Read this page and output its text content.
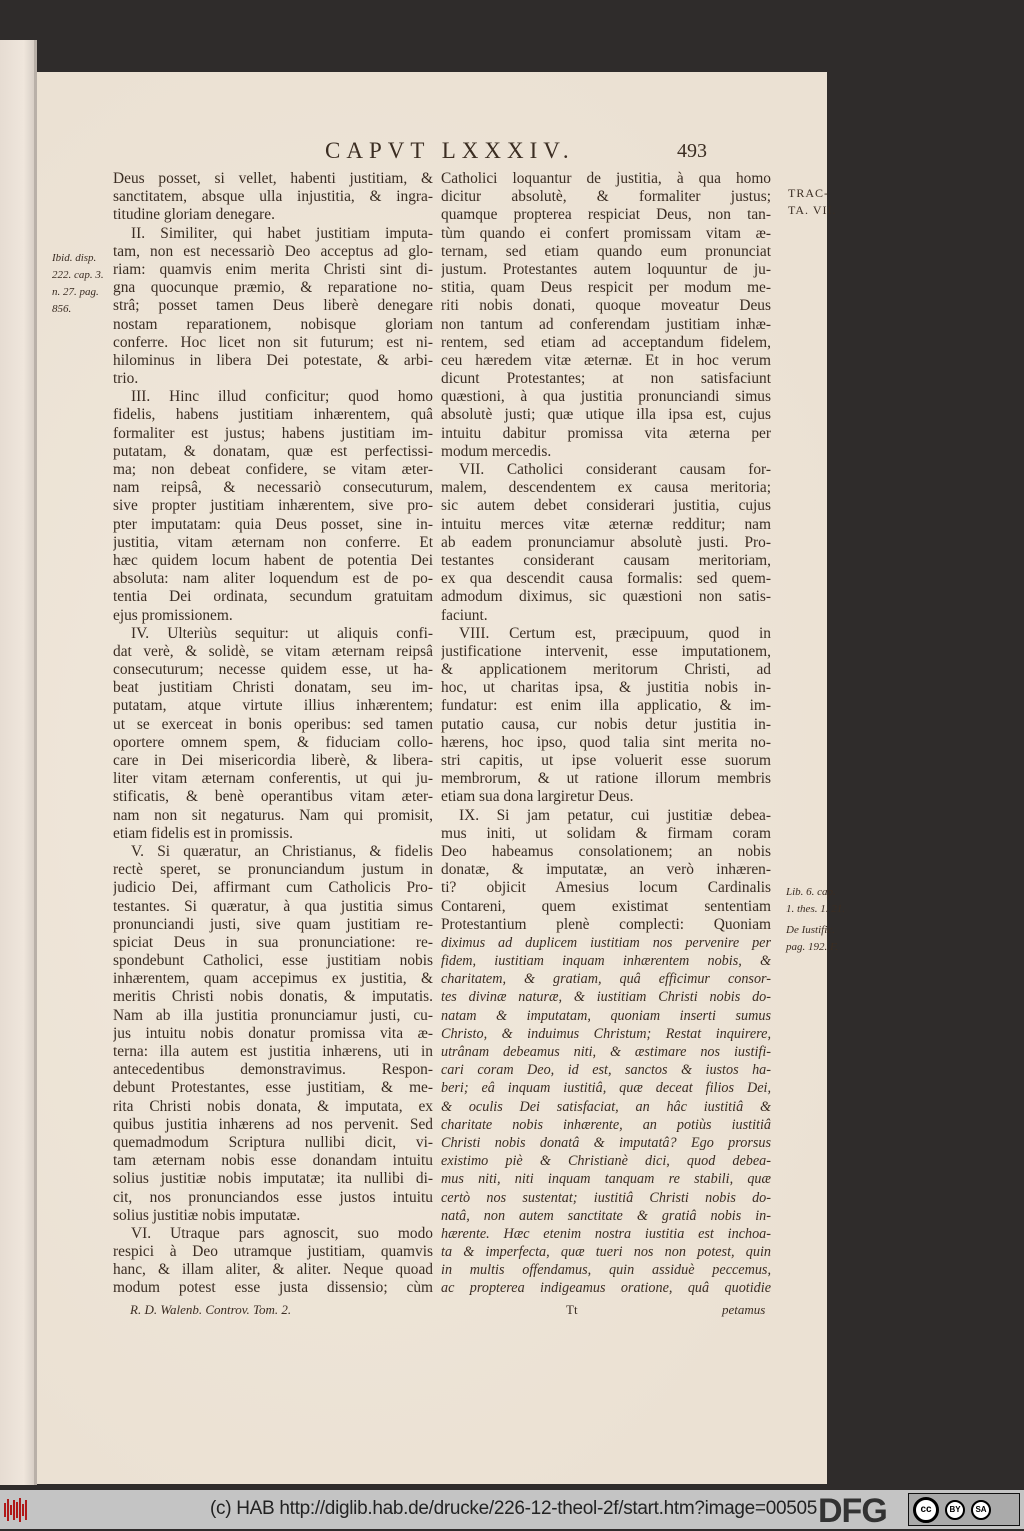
CAPVT LXXXIV.	493
Ibid. disp.
222. cap. 3.
n. 27. pag.
856.
TRAC-
TA. VII.
Lib. 6. cap.
1. thes. 1. 21.
De Iustific.
pag. 192. F.
Deus posset, si vellet, habenti justitiam, &
sanctitatem, absque ulla injustitia, & ingra-
titudine gloriam denegare.
II. Similiter, qui habet justitiam imputa-
tam, non est necessariò Deo acceptus ad glo-
riam: quamvis enim merita Christi sint di-
gna quocunque præmio, & reparatione no-
strâ; posset tamen Deus liberè denegare
nostam reparationem, nobisque gloriam
conferre. Hoc licet non sit futurum; est ni-
hilominus in libera Dei potestate, & arbi-
trio.
III. Hinc illud conficitur; quod homo
fidelis, habens justitiam inhærentem, quâ
formaliter est justus; habens justitiam im-
putatam, & donatam, quæ est perfectissi-
ma; non debeat confidere, se vitam æter-
nam reipsâ, & necessariò consecuturum,
sive propter justitiam inhærentem, sive pro-
pter imputatam: quia Deus posset, sine in-
justitia, vitam æternam non conferre. Et
hæc quidem locum habent de potentia Dei
absoluta: nam aliter loquendum est de po-
tentia Dei ordinata, secundum gratuitam
ejus promissionem.
IV. Ulteriùs sequitur: ut aliquis confi-
dat verè, & solidè, se vitam æternam reipsâ
consecuturum; necesse quidem esse, ut ha-
beat justitiam Christi donatam, seu im-
putatam, atque virtute illius inhærentem;
ut se exerceat in bonis operibus: sed tamen
oportere omnem spem, & fiduciam collo-
care in Dei misericordia liberè, & libera-
liter vitam æternam conferentis, ut qui ju-
stificatis, & benè operantibus vitam æter-
nam non sit negaturus. Nam qui promisit,
etiam fidelis est in promissis.
V. Si quæratur, an Christianus, & fidelis
rectè speret, se pronunciandum justum in
judicio Dei, affirmant cum Catholicis Pro-
testantes. Si quæratur, à qua justitia simus
pronunciandi justi, sive quam justitiam re-
spiciat Deus in sua pronunciatione: re-
spondebunt Catholici, esse justitiam nobis
inhærentem, quam accepimus ex justitia, &
meritis Christi nobis donatis, & imputatis.
Nam ab illa justitia pronunciamur justi, cu-
jus intuitu nobis donatur promissa vita æ-
terna: illa autem est justitia inhærens, uti in
antecedentibus demonstravimus. Respon-
debunt Protestantes, esse justitiam, & me-
rita Christi nobis donata, & imputata, ex
quibus justitia inhærens ad nos pervenit. Sed
quemadmodum Scriptura nullibi dicit, vi-
tam æternam nobis esse donandam intuitu
solius justitiæ nobis imputatæ; ita nullibi di-
cit, nos pronunciandos esse justos intuitu
solius justitiæ nobis imputatæ.
VI. Utraque pars agnoscit, suo modo
respici à Deo utramque justitiam, quamvis
hanc, & illam aliter, & aliter. Neque quoad
modum potest esse justa dissensio; cùm
Catholici loquantur de justitia, à qua homo
dicitur absolutè, & formaliter justus;
quamque propterea respiciat Deus, non tan-
tùm quando ei confert promissam vitam æ-
ternam, sed etiam quando eum pronunciat
justum. Protestantes autem loquuntur de ju-
stitia, quam Deus respicit per modum me-
riti nobis donati, quoque moveatur Deus
non tantum ad conferendam justitiam inhæ-
rentem, sed etiam ad acceptandum fidelem,
ceu hæredem vitæ æternæ. Et in hoc verum
dicunt Protestantes; at non satisfaciunt
quæstioni, à qua justitia pronunciandi simus
absolutè justi; quæ utique illa ipsa est, cujus
intuitu dabitur promissa vita æterna per
modum mercedis.
VII. Catholici considerant causam for-
malem, descendentem ex causa meritoria;
sic autem debet considerari justitia, cujus
intuitu merces vitæ æternæ redditur; nam
ab eadem pronunciamur absolutè justi. Pro-
testantes considerant causam meritoriam,
ex qua descendit causa formalis: sed quem-
admodum diximus, sic quæstioni non satis-
faciunt.
VIII. Certum est, præcipuum, quod in
justificatione intervenit, esse imputationem,
& applicationem meritorum Christi, ad
hoc, ut charitas ipsa, & justitia nobis in-
fundatur: est enim illa applicatio, & im-
putatio causa, cur nobis detur justitia in-
hærens, hoc ipso, quod talia sint merita no-
stri capitis, ut ipse voluerit esse suorum
membrorum, & ut ratione illorum membris
etiam sua dona largiretur Deus.
IX. Si jam petatur, cui justitiæ debea-
mus initi, ut solidam & firmam coram
Deo habeamus consolationem; an nobis
donatæ, & imputatæ, an verò inhæren-
ti? objicit Amesius locum Cardinalis
Contareni, quem existimat sententiam
Protestantium plenè complecti: Quoniam
diximus ad duplicem iustitiam nos pervenire per
fidem, iustitiam inquam inhærentem nobis, &
charitatem, & gratiam, quâ efficimur consor-
tes divinæ naturæ, & iustitiam Christi nobis do-
natam & imputatam, quoniam inserti sumus
Christo, & induimus Christum; Restat inquirere,
utrânam debeamus niti, & æstimare nos iustifi-
cari coram Deo, id est, sanctos & iustos ha-
beri; eâ inquam iustitiâ, quæ deceat filios Dei,
& oculis Dei satisfaciat, an hâc iustitiâ &
charitate nobis inhærente, an potiùs iustitiâ
Christi nobis donatâ & imputatâ? Ego prorsus
existimo piè & Christianè dici, quod debea-
mus niti, niti inquam tanquam re stabili, quæ
certò nos sustentat; iustitiâ Christi nobis do-
natâ, non autem sanctitate & gratiâ nobis in-
hærente. Hæc etenim nostra iustitia est inchoa-
ta & imperfecta, quæ tueri nos non potest, quin
in multis offendamus, quin assiduè peccemus,
ac propterea indigeamus oratione, quâ quotidie
R. D. Walenb. Controv. Tom. 2.	Tt	petamus
(c) HAB http://diglib.hab.de/drucke/226-12-theol-2f/start.htm?image=00505 DFG	cc	BY	SA
